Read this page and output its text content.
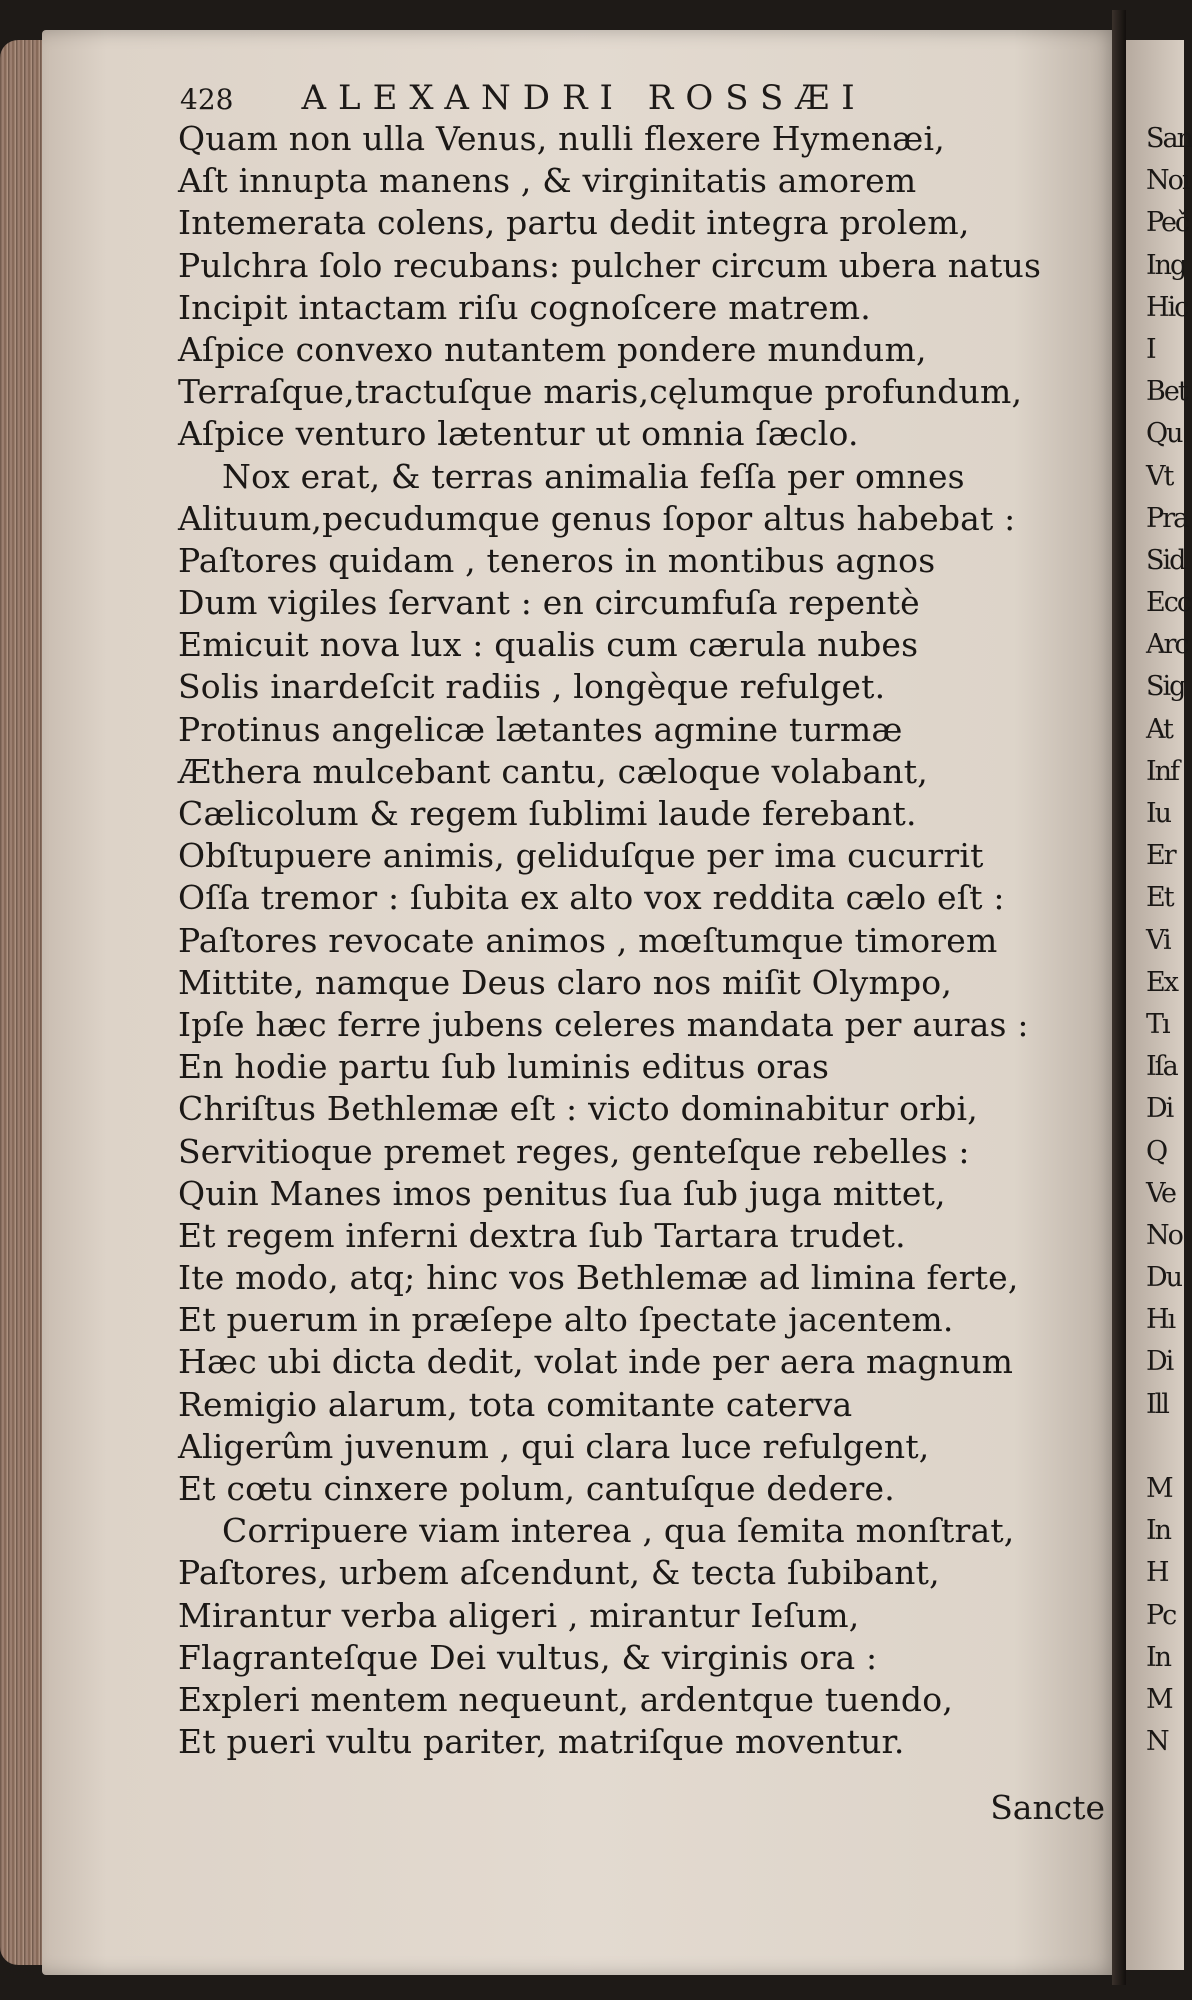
428 ALEXANDRI ROSSÆI
Quam non ulla Venus, nulli flexere Hymenæi,
Aſt innupta manens , & virginitatis amorem
Intemerata colens, partu dedit integra prolem,
Pulchra ſolo recubans: pulcher circum ubera natus
Incipit intactam riſu cognoſcere matrem.
Aſpice convexo nutantem pondere mundum,
Terraſque,tractuſque maris,cęlumque profundum,
Aſpice venturo lætentur ut omnia ſæclo.
Nox erat, & terras animalia feſſa per omnes
Alituum,pecudumque genus ſopor altus habebat :
Paſtores quidam , teneros in montibus agnos
Dum vigiles ſervant : en circumfuſa repentè
Emicuit nova lux : qualis cum cærula nubes
Solis inardeſcit radiis , longèque refulget.
Protinus angelicæ lætantes agmine turmæ
Æthera mulcebant cantu, cæloque volabant,
Cælicolum & regem ſublimi laude ferebant.
Obſtupuere animis, geliduſque per ima cucurrit
Oſſa tremor : ſubita ex alto vox reddita cælo eſt :
Paſtores revocate animos , mœſtumque timorem
Mittite, namque Deus claro nos miſit Olympo,
Ipſe hæc ferre jubens celeres mandata per auras :
En hodie partu ſub luminis editus oras
Chriſtus Bethlemæ eſt : victo dominabitur orbi,
Servitioque premet reges, genteſque rebelles :
Quin Manes imos penitus ſua ſub juga mittet,
Et regem inferni dextra ſub Tartara trudet.
Ite modo, atq; hinc vos Bethlemæ ad limina ferte,
Et puerum in præſepe alto ſpectate jacentem.
Hæc ubi dicta dedit, volat inde per aera magnum
Remigio alarum, tota comitante caterva
Aligerûm juvenum , qui clara luce refulgent,
Et cœtu cinxere polum, cantuſque dedere.
Corripuere viam interea , qua ſemita monſtrat,
Paſtores, urbem aſcendunt, & tecta ſubibant,
Mirantur verba aligeri , mirantur Ieſum,
Flagranteſque Dei vultus, & virginis ora :
Expleri mentem nequeunt, ardentque tuendo,
Et pueri vultu pariter, matriſque moventur.
Sancte
San
Noı
Peč
Ing
Hic
I
Bet
Qu
Vt
Pra
Sid
Ecc
Arc
Sig
At
Inf
Iu
Er
Et
Vi
Ex
Tı
Iſa
Di
Q
Ve
No
Du
Hı
Di
Ill
M
In
H
Pc
In
M
N
